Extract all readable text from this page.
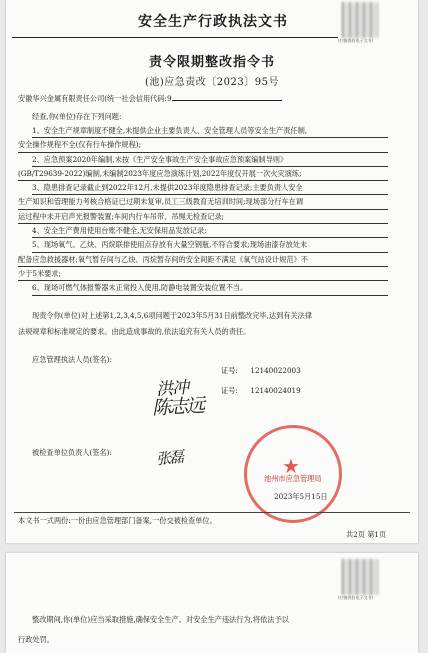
安全生产行政执法文书
(扫描查验电子文书)
责令限期整改指令书
(池)应急责改〔2023〕95号
安徽华兴金属有限责任公司(统一社会信用代码:9
经查,你(单位)存在下列问题:
1、安全生产规章制度不健全,未提供企业主要负责人、安全管理人员等安全生产责任制,
安全操作规程不全(仅有行车操作规程);
2、应急预案2020年编制,未按《生产安全事故生产安全事故应急预案编制导则》
(GB/T29639-2022)编制,未编制2023年度应急演练计划,2022年度仅开展一次火灾演练;
3、隐患排查记录截止到2022年12月,未提供2023年度隐患排查记录;主要负责人安全
生产知识和管理能力考核合格证已过期未复审,员工三级教育无培训时间;现场部分行车在调
运过程中未开启声光报警装置;车间内行车吊带、吊绳无检查记录;
4、安全生产费用使用台账不健全,无安保用品发放记录;
5、现场氧气、乙炔、丙烷联排使用点存放有大量空钢瓶,不符合要求;现场油漆存放处未
配备应急救援器材;氧气暂存间与乙炔、丙烷暂存间的安全间距不满足《氧气站设计规范》不
少于5米要求;
6、现场可燃气体报警器未正常投入使用,防静电装置安装位置不当。
现责令你(单位)对上述第1,2,3,4,5,6项问题于2023年5月31日前整改完毕,达到有关法律
法规规章和标准规定的要求。由此造成事故的,依法追究有关人员的责任。
应急管理执法人员(签名):
洪冲
陈志远
证号: 12140022003
证号: 12140024019
被检查单位负责人(签名):	张磊	★
池州市应急管理局
2023年5月15日
本文书一式两份:一份由应急管理部门备案,一份交被检查单位。
共2页 第1页
(扫描查验电子文书)
整改期间,你(单位)应当采取措施,确保安全生产。对安全生产违法行为,将依法予以
行政处罚。
